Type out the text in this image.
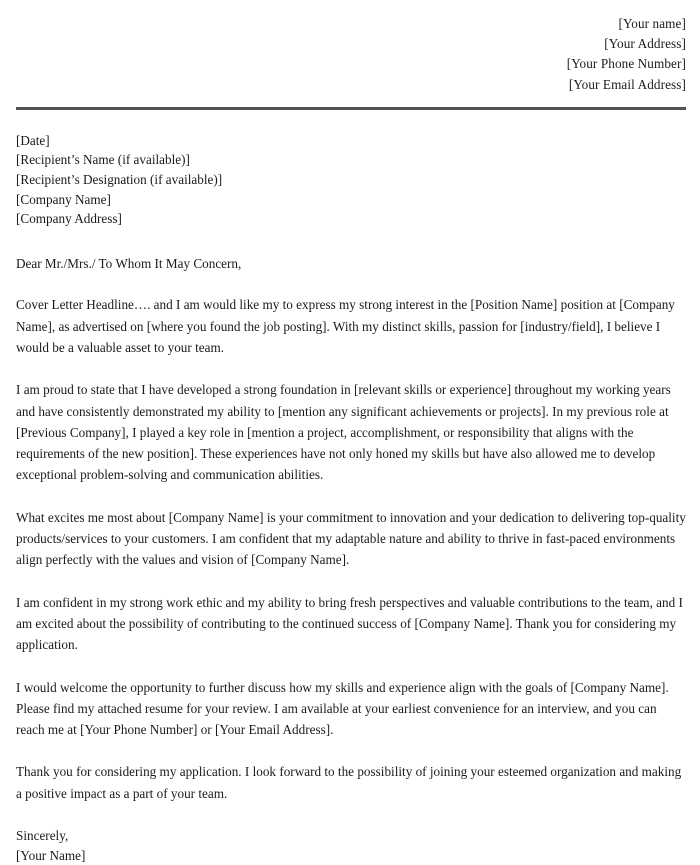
[Your name]
[Your Address]
[Your Phone Number]
[Your Email Address]
[Date]
[Recipient’s Name (if available)]
[Recipient’s Designation (if available)]
[Company Name]
[Company Address]
Dear Mr./Mrs./ To Whom It May Concern,

Cover Letter Headline…. and I am would like my to express my strong interest in the [Position Name] position at [Company Name], as advertised on [where you found the job posting]. With my distinct skills, passion for [industry/field], I believe I would be a valuable asset to your team.

I am proud to state that I have developed a strong foundation in [relevant skills or experience] throughout my working years and have consistently demonstrated my ability to [mention any significant achievements or projects]. In my previous role at [Previous Company], I played a key role in [mention a project, accomplishment, or responsibility that aligns with the requirements of the new position]. These experiences have not only honed my skills but have also allowed me to develop exceptional problem-solving and communication abilities.

What excites me most about [Company Name] is your commitment to innovation and your dedication to delivering top-quality products/services to your customers. I am confident that my adaptable nature and ability to thrive in fast-paced environments align perfectly with the values and vision of [Company Name].

I am confident in my strong work ethic and my ability to bring fresh perspectives and valuable contributions to the team, and I am excited about the possibility of contributing to the continued success of [Company Name]. Thank you for considering my application.

I would welcome the opportunity to further discuss how my skills and experience align with the goals of [Company Name]. Please find my attached resume for your review. I am available at your earliest convenience for an interview, and you can reach me at [Your Phone Number] or [Your Email Address].

Thank you for considering my application. I look forward to the possibility of joining your esteemed organization and making a positive impact as a part of your team.

Sincerely,
[Your Name]
